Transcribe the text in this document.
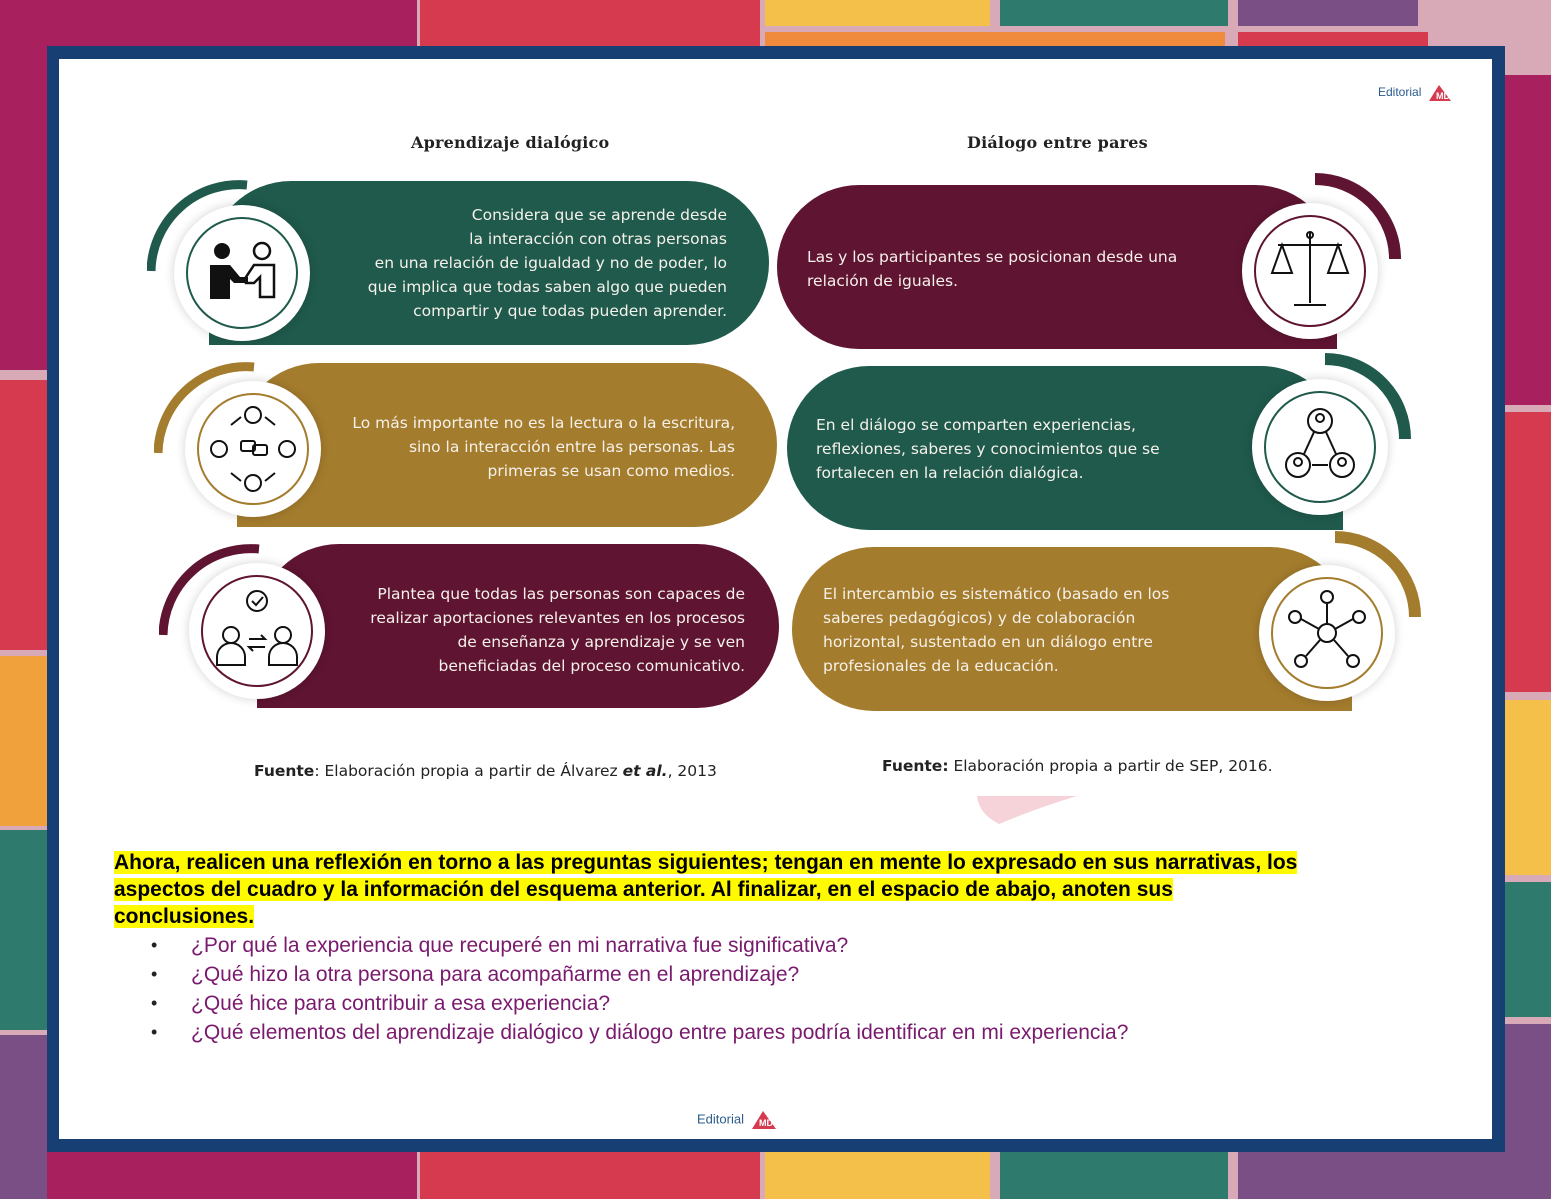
Editorial MD
Aprendizaje dialógico	Diálogo entre pares
Considera que se aprende desde
la interacción con otras personas
en una relación de igualdad y no de poder, lo
que implica que todas saben algo que pueden
compartir y que todas pueden aprender.
Lo más importante no es la lectura o la escritura,
sino la interacción entre las personas. Las
primeras se usan como medios.
Plantea que todas las personas son capaces de
realizar aportaciones relevantes en los procesos
de enseñanza y aprendizaje y se ven
beneficiadas del proceso comunicativo.
Las y los participantes se posicionan desde una
relación de iguales.
En el diálogo se comparten experiencias,
reflexiones, saberes y conocimientos que se
fortalecen en la relación dialógica.
El intercambio es sistemático (basado en los
saberes pedagógicos) y de colaboración
horizontal, sustentado en un diálogo entre
profesionales de la educación.
Fuente: Elaboración propia a partir de Álvarez et al., 2013	Fuente: Elaboración propia a partir de SEP, 2016.
Ahora, realicen una reflexión en torno a las preguntas siguientes; tengan en mente lo expresado en sus narrativas, los
aspectos del cuadro y la información del esquema anterior. Al finalizar, en el espacio de abajo, anoten sus
conclusiones.
• ¿Por qué la experiencia que recuperé en mi narrativa fue significativa?
• ¿Qué hizo la otra persona para acompañarme en el aprendizaje?
• ¿Qué hice para contribuir a esa experiencia?
• ¿Qué elementos del aprendizaje dialógico y diálogo entre pares podría identificar en mi experiencia?
Editorial MD
